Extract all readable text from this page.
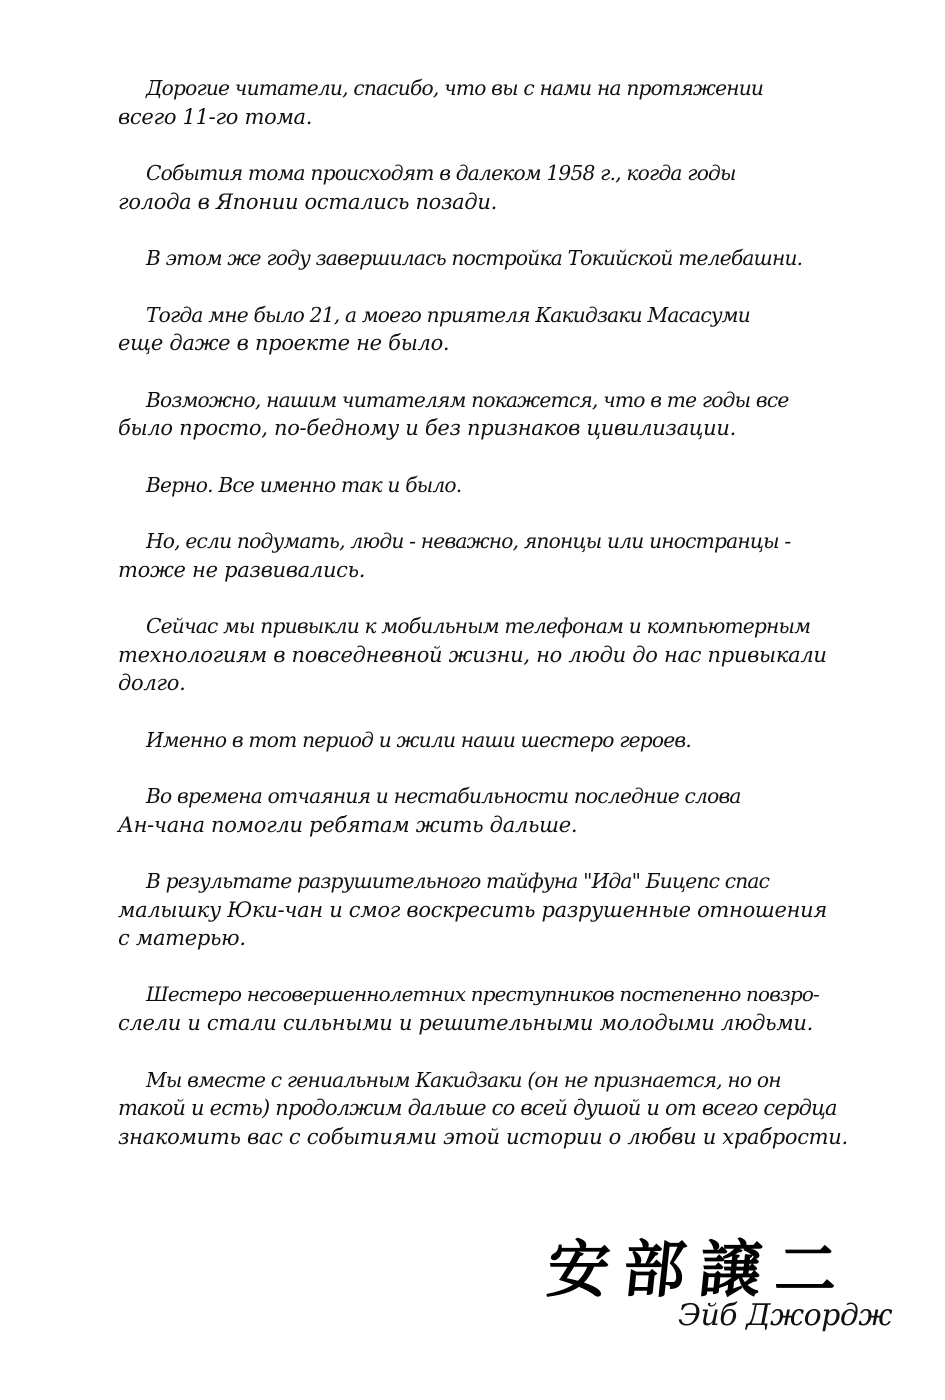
Дорогие читатели, спасибо, что вы с нами на протяжении
всего 11-го тома.

События тома происходят в далеком 1958 г., когда годы
голода в Японии остались позади.

В этом же году завершилась постройка Токийской телебашни.

Тогда мне было 21, а моего приятеля Какидзаки Масасуми
еще даже в проекте не было.

Возможно, нашим читателям покажется, что в те годы все
было просто, по-бедному и без признаков цивилизации.

Верно. Все именно так и было.

Но, если подумать, люди - неважно, японцы или иностранцы -
тоже не развивались.

Сейчас мы привыкли к мобильным телефонам и компьютерным
технологиям в повседневной жизни, но люди до нас привыкали
долго.

Именно в тот период и жили наши шестеро героев.

Во времена отчаяния и нестабильности последние слова
Ан-чана помогли ребятам жить дальше.

В результате разрушительного тайфуна "Ида" Бицепс спас
малышку Юки-чан и смог воскресить разрушенные отношения
с матерью.

Шестеро несовершеннолетних преступников постепенно повзро-
слели и стали сильными и решительными молодыми людьми.

Мы вместе с гениальным Какидзаки (он не признается, но он
такой и есть) продолжим дальше со всей душой и от всего сердца
знакомить вас с событиями этой истории о любви и храбрости.

安部譲二
Эйб Джордж
